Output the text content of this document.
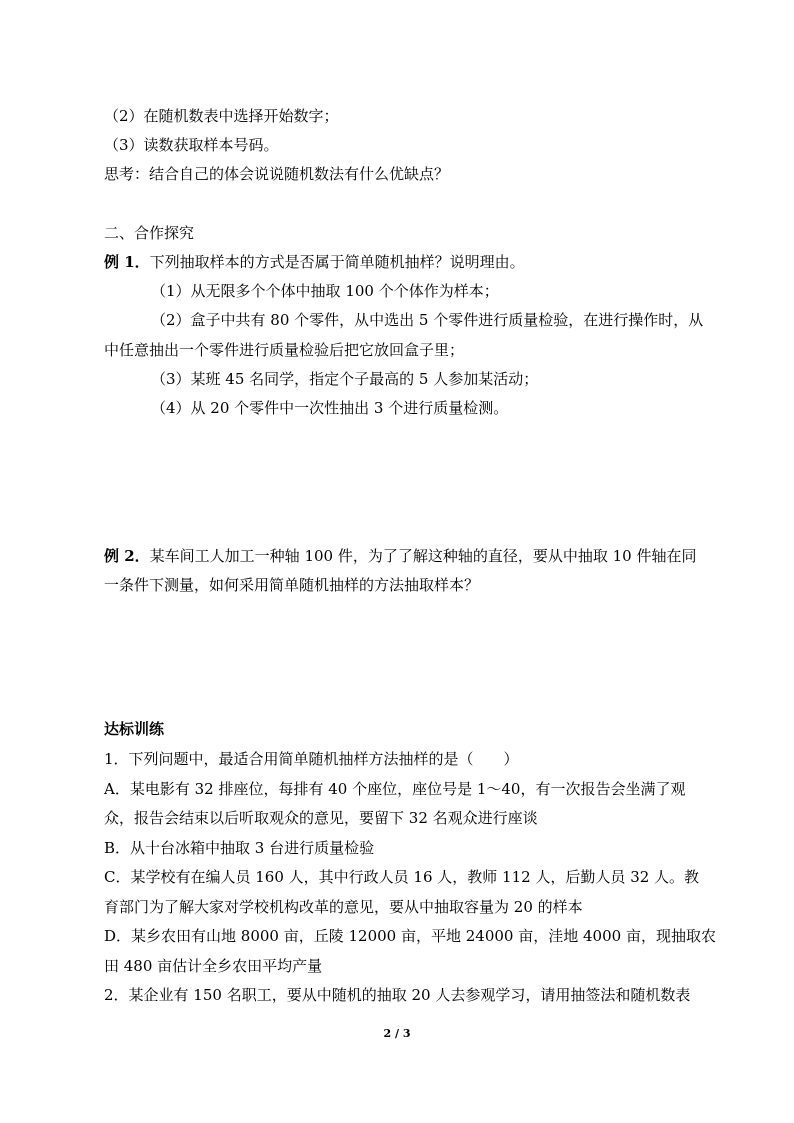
（2）在随机数表中选择开始数字；
（3）读数获取样本号码。
思考：结合自己的体会说说随机数法有什么优缺点？
二、合作探究
例 1．下列抽取样本的方式是否属于简单随机抽样？说明理由。
（1）从无限多个个体中抽取 100 个个体作为样本；
（2）盒子中共有 80 个零件，从中选出 5 个零件进行质量检验，在进行操作时，从
中任意抽出一个零件进行质量检验后把它放回盒子里；
（3）某班 45 名同学，指定个子最高的 5 人参加某活动；
（4）从 20 个零件中一次性抽出 3 个进行质量检测。
例 2．某车间工人加工一种轴 100 件，为了了解这种轴的直径，要从中抽取 10 件轴在同
一条件下测量，如何采用简单随机抽样的方法抽取样本？
达标训练
1．下列问题中，最适合用简单随机抽样方法抽样的是（　　）
A．某电影有 32 排座位，每排有 40 个座位，座位号是 1～40，有一次报告会坐满了观
众，报告会结束以后听取观众的意见，要留下 32 名观众进行座谈
B．从十台冰箱中抽取 3 台进行质量检验
C．某学校有在编人员 160 人，其中行政人员 16 人，教师 112 人，后勤人员 32 人。教
育部门为了解大家对学校机构改革的意见，要从中抽取容量为 20 的样本
D．某乡农田有山地 8000 亩，丘陵 12000 亩，平地 24000 亩，洼地 4000 亩，现抽取农
田 480 亩估计全乡农田平均产量
2．某企业有 150 名职工，要从中随机的抽取 20 人去参观学习，请用抽签法和随机数表
2 / 3
